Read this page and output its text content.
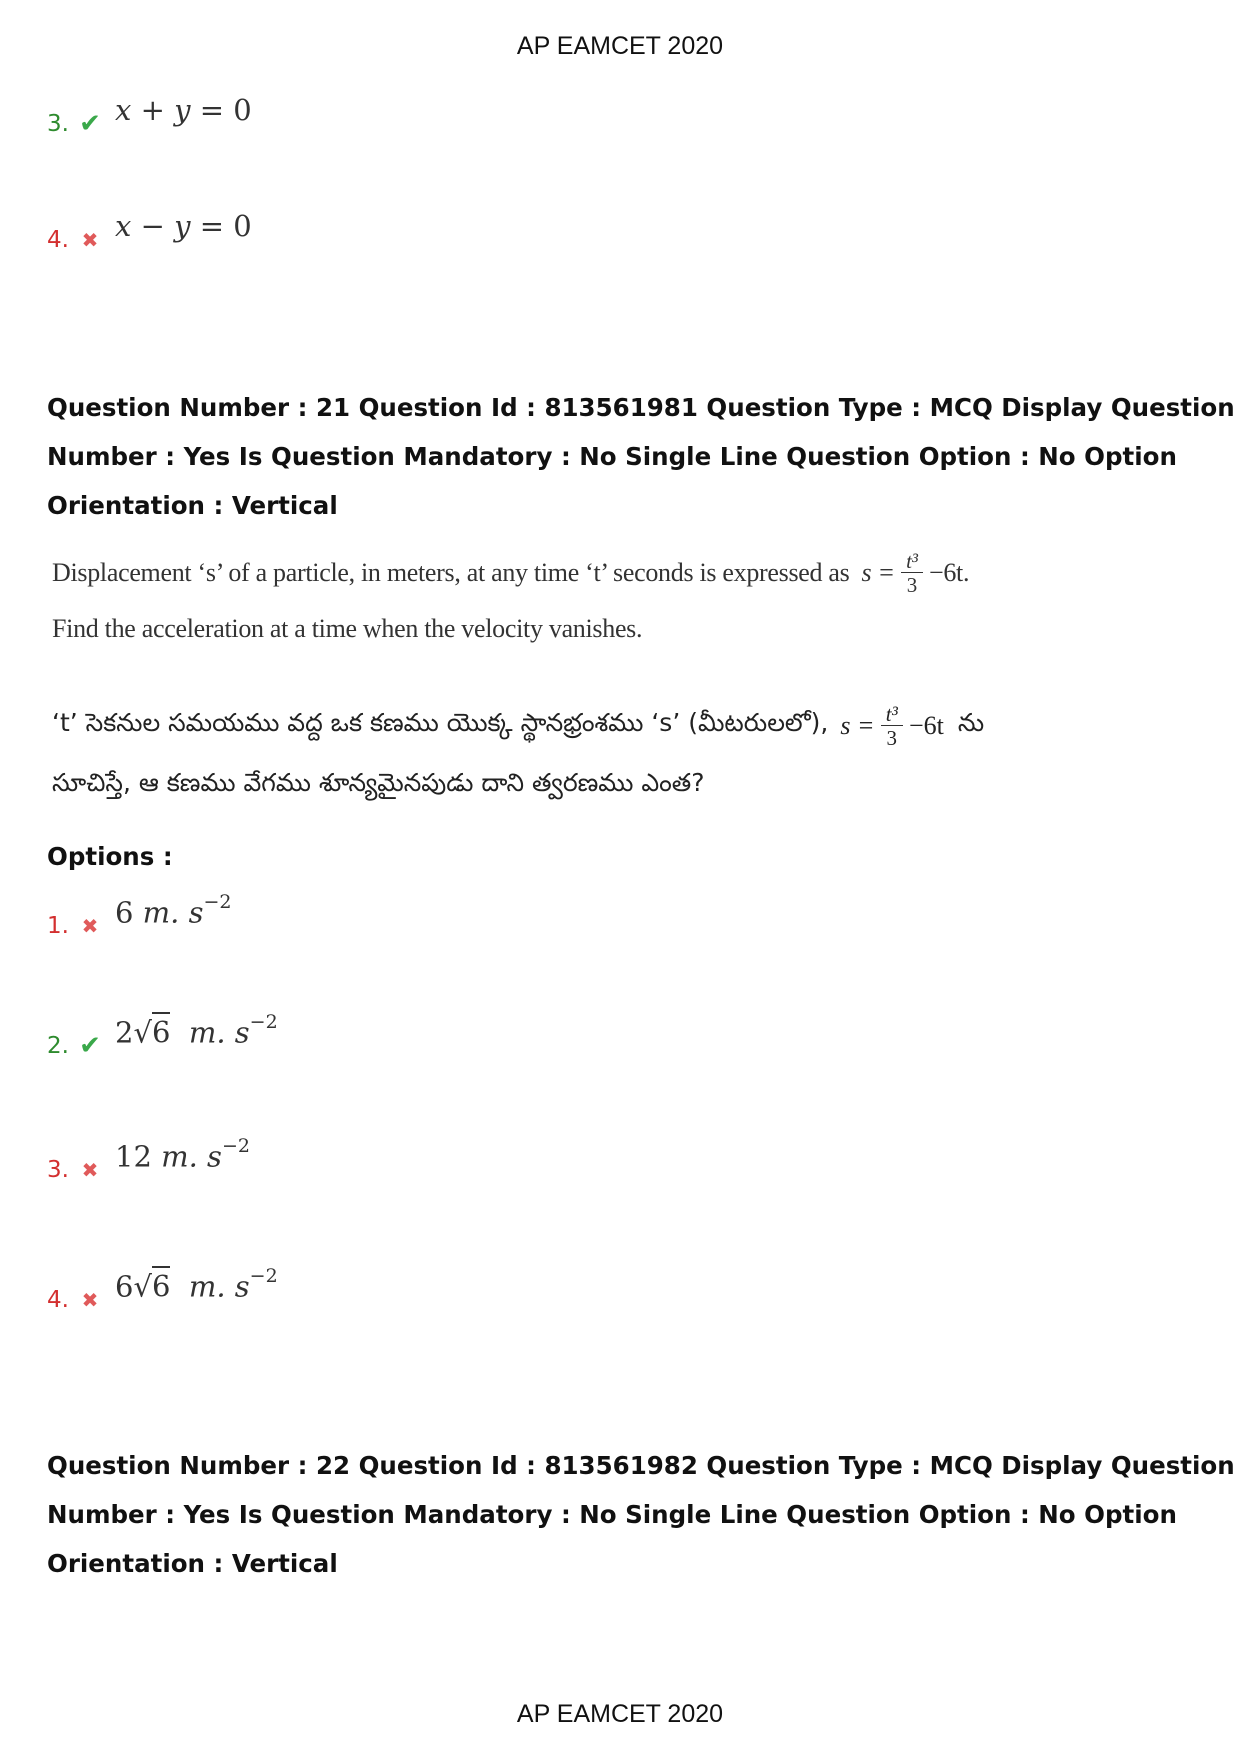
AP EAMCET 2020
3. ✔ x + y = 0
4. ✖ x − y = 0
Question Number : 21 Question Id : 813561981 Question Type : MCQ Display Question
Number : Yes Is Question Mandatory : No Single Line Question Option : No Option
Orientation : Vertical
Displacement ‘s’ of a particle, in meters, at any time ‘t’ seconds is expressed as $s = \frac{\text{t³}}{3} -6t$.
Find the acceleration at a time when the velocity vanishes.
‘t’ సెకనుల సమయము వద్ద ఒక కణము యొక్క స్థానభ్రంశము ‘s’ (మీటరులలో), $s = \frac{\text{t³}}{3} -6t$ ను
సూచిస్తే, ఆ కణము వేగము శూన్యమైనపుడు దాని త్వరణము ఎంత?
Options :
1. ✖ 6 m. $s^{-2}$
2. ✔ 2√6 m. $s^{-2}$
3. ✖ 12 m. $s^{-2}$
4. ✖ 6√6 m. $s^{-2}$
Question Number : 22 Question Id : 813561982 Question Type : MCQ Display Question
Number : Yes Is Question Mandatory : No Single Line Question Option : No Option
Orientation : Vertical
AP EAMCET 2020
